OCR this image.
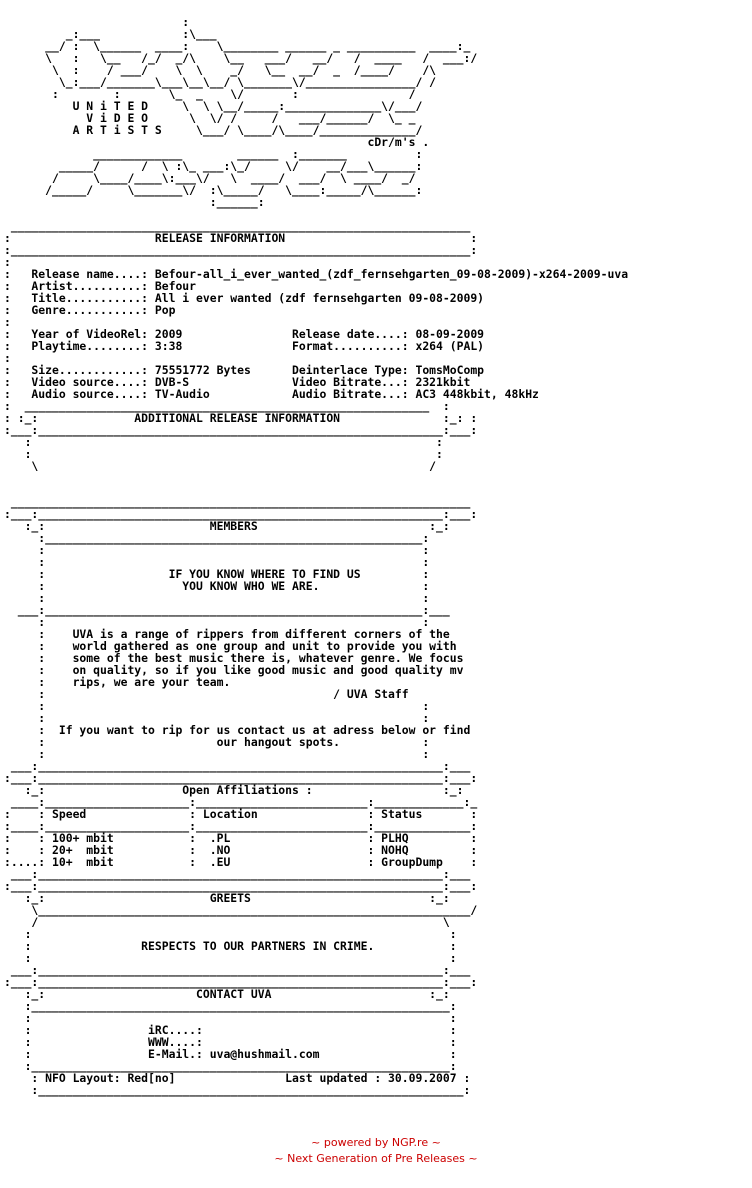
:
_:___            :\___
__/ :  \______  ____:    \________ ______ _ __________  ____:_
\   :   \__   /_/  _/\    \__   ___/   __/   /  ____   /  ___:/
\  :    / ___/    \  \    _/   \__  __/  _  /____/    /\
\_:___/_______\___\__\__/ \_______\/________________/ /
:        :       \_  _    \/       :                /
U N i T E D     \  \ \__/_____:______________\/___/
V i D E O      \  \/ /     /   ___/______/  \_ _
A R T i S T S     \___/ \____/\____/______________/
cDr/m's .
_____________        ______  :_______          :
_____/      /  \ :\_ ___:\_/     \/    __/___\______:
/     \____/____\:___\/   \  ____/  ___/  \ ____/  _/
/_____/     \_______\/  :\_____/   \____:_____/\______:
:______:

___________________________________________________________________
:                     RELEASE INFORMATION                           :
:___________________________________________________________________:
:
:   Release name....: Befour-all_i_ever_wanted_(zdf_fernsehgarten_09-08-2009)-x264-2009-uva
:   Artist..........: Befour
:   Title...........: All i ever wanted (zdf fernsehgarten 09-08-2009)
:   Genre...........: Pop
:
:   Year of VideoRel: 2009                Release date....: 08-09-2009
:   Playtime........: 3:38                Format..........: x264 (PAL)
:
:   Size............: 75551772 Bytes      Deinterlace Type: TomsMoComp
:   Video source....: DVB-S               Video Bitrate...: 2321kbit
:   Audio source....: TV-Audio            Audio Bitrate...: AC3 448kbit, 48kHz
:  ___________________________________________________________  :
: :_:              ADDITIONAL RELEASE INFORMATION               :_: :
:___:___________________________________________________________:___:
:                                                           :
:                                                           :
\                                                         /

___________________________________________________________________
:___:___________________________________________________________:___:
:_:                        MEMBERS                         :_:
:_______________________________________________________:
:                                                       :
:                                                       :
:                  IF YOU KNOW WHERE TO FIND US         :
:                    YOU KNOW WHO WE ARE.               :
:                                                       :
___:_______________________________________________________:___
:                                                       :
:    UVA is a range of rippers from different corners of the
:    world gathered as one group and unit to provide you with
:    some of the best music there is, whatever genre. We focus
:    on quality, so if you like good music and good quality mv
:    rips, we are your team.
:                                          / UVA Staff
:                                                       :
:                                                       :
:  If you want to rip for us contact us at adress below or find
:                         our hangout spots.            :
:                                                       :
___:___________________________________________________________:___
:___:___________________________________________________________:___:
:_:                    Open Affiliations :                   :_:
____:_____________________:_________________________:_____________:_
:    : Speed               : Location                : Status       :
:____:_____________________:_________________________:______________:
:    : 100+ mbit           :  .PL                    : PLHQ         :
:    : 20+  mbit           :  .NO                    : NOHQ         :
:....: 10+  mbit           :  .EU                    : GroupDump    :
___:___________________________________________________________:___
:___:___________________________________________________________:___:
:_:                        GREETS                          :_:
\_______________________________________________________________/
/                                                           \
:                                                             :
:                RESPECTS TO OUR PARTNERS IN CRIME.           :
:                                                             :
___:___________________________________________________________:___
:___:___________________________________________________________:___:
:_:                      CONTACT UVA                       :_:
:_____________________________________________________________:
:                                                             :
:                 iRC....:                                    :
:                 WWW....:                                    :
:                 E-Mail.: uva@hushmail.com                   :
:_____________________________________________________________:
: NFO Layout: Red[no]                Last updated : 30.09.2007 :
:______________________________________________________________:
~ powered by NGP.re ~
~ Next Generation of Pre Releases ~
